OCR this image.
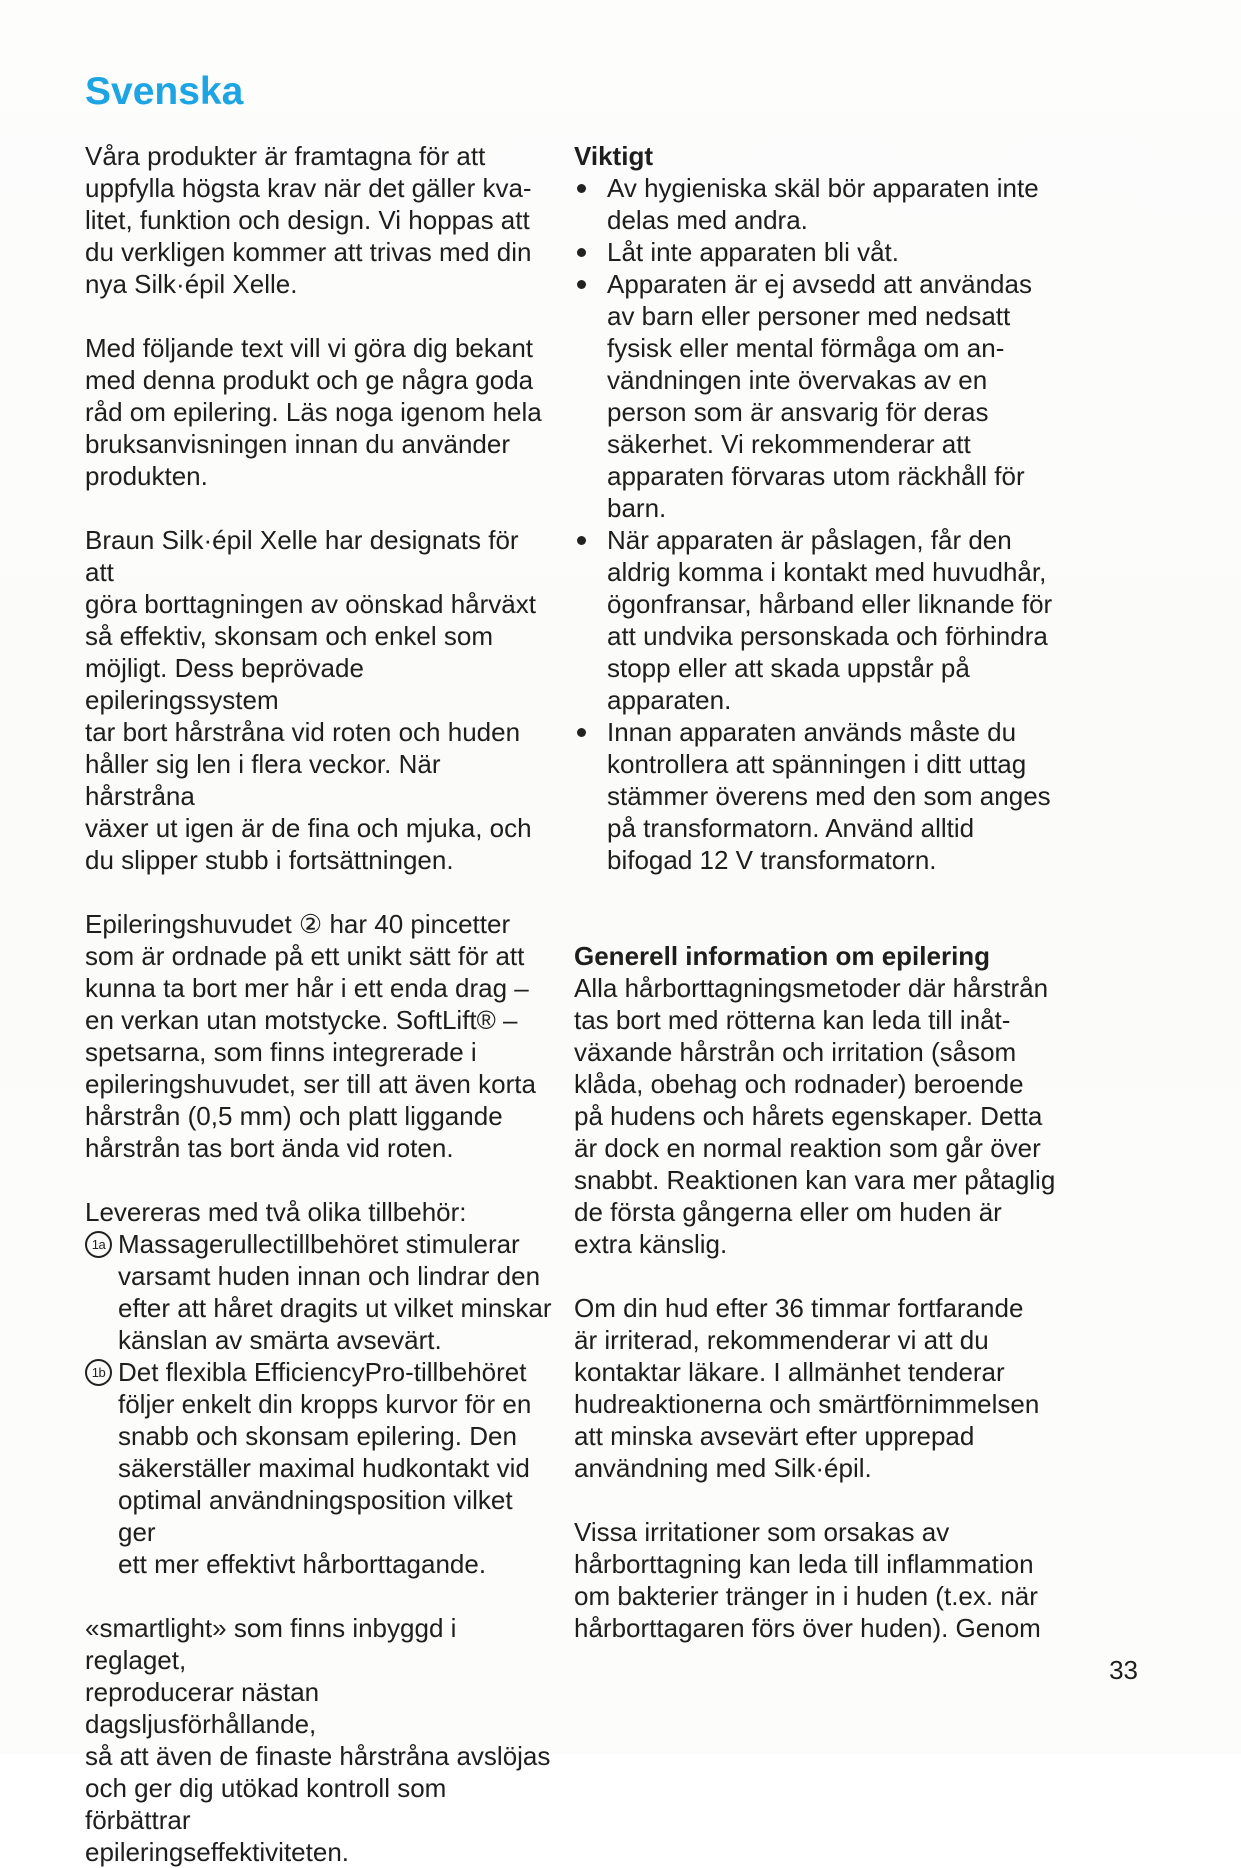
Svenska

Våra produkter är framtagna för att
uppfylla högsta krav när det gäller kva-
litet, funktion och design. Vi hoppas att
du verkligen kommer att trivas med din
nya Silk·épil Xelle.

Med följande text vill vi göra dig bekant
med denna produkt och ge några goda
råd om epilering. Läs noga igenom hela
bruksanvisningen innan du använder
produkten.

Braun Silk·épil Xelle har designats för att
göra borttagningen av oönskad hårväxt
så effektiv, skonsam och enkel som
möjligt. Dess beprövade epileringssystem
tar bort hårstråna vid roten och huden
håller sig len i flera veckor. När hårstråna
växer ut igen är de fina och mjuka, och
du slipper stubb i fortsättningen.

Epileringshuvudet ② har 40 pincetter
som är ordnade på ett unikt sätt för att
kunna ta bort mer hår i ett enda drag –
en verkan utan motstycke. SoftLift® –
spetsarna, som finns integrerade i
epileringshuvudet, ser till att även korta
hårstrån (0,5 mm) och platt liggande
hårstrån tas bort ända vid roten.

Levereras med två olika tillbehör:

1a Massagerullectillbehöret stimulerar
varsamt huden innan och lindrar den
efter att håret dragits ut vilket minskar
känslan av smärta avsevärt.

1b Det flexibla EfficiencyPro-tillbehöret
följer enkelt din kropps kurvor för en
snabb och skonsam epilering. Den
säkerställer maximal hudkontakt vid
optimal användningsposition vilket ger
ett mer effektivt hårborttagande.

«smartlight» som finns inbyggd i reglaget,
reproducerar nästan dagsljusförhållande,
så att även de finaste hårstråna avslöjas
och ger dig utökad kontroll som förbättrar
epileringseffektiviteten.

Viktigt

Av hygieniska skäl bör apparaten inte
delas med andra.

Låt inte apparaten bli våt.

Apparaten är ej avsedd att användas
av barn eller personer med nedsatt
fysisk eller mental förmåga om an-
vändningen inte övervakas av en
person som är ansvarig för deras
säkerhet. Vi rekommenderar att
apparaten förvaras utom räckhåll för
barn.

När apparaten är påslagen, får den
aldrig komma i kontakt med huvudhår,
ögonfransar, hårband eller liknande för
att undvika personskada och förhindra
stopp eller att skada uppstår på
apparaten.

Innan apparaten används måste du
kontrollera att spänningen i ditt uttag
stämmer överens med den som anges
på transformatorn. Använd alltid
bifogad 12 V transformatorn.

Generell information om epilering

Alla hårborttagningsmetoder där hårstrån
tas bort med rötterna kan leda till inåt-
växande hårstrån och irritation (såsom
klåda, obehag och rodnader) beroende
på hudens och hårets egenskaper. Detta
är dock en normal reaktion som går över
snabbt. Reaktionen kan vara mer påtaglig
de första gångerna eller om huden är
extra känslig.

Om din hud efter 36 timmar fortfarande
är irriterad, rekommenderar vi att du
kontaktar läkare. I allmänhet tenderar
hudreaktionerna och smärtförnimmelsen
att minska avsevärt efter upprepad
användning med Silk·épil.

Vissa irritationer som orsakas av
hårborttagning kan leda till inflammation
om bakterier tränger in i huden (t.ex. när
hårborttagaren förs över huden). Genom

33
